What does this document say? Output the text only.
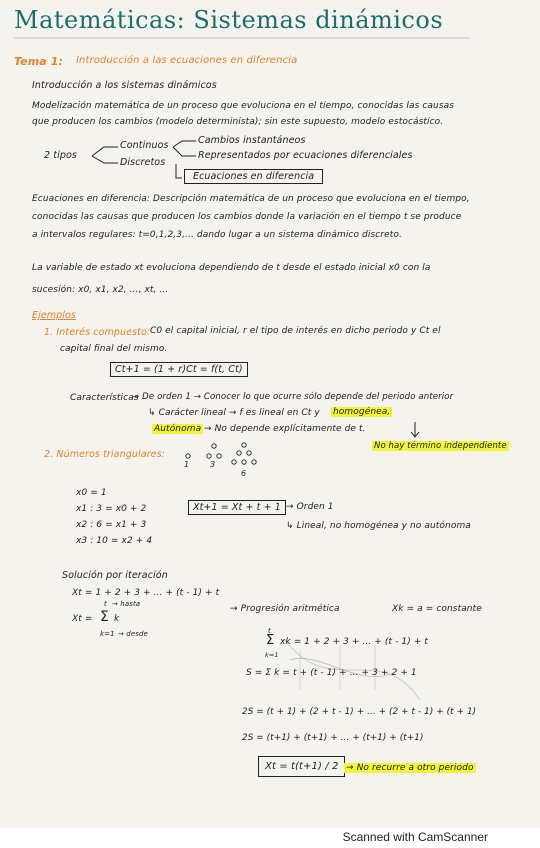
Matemáticas: Sistemas dinámicos
Tema 1: Introducción a las ecuaciones en diferencia
Introducción a los sistemas dinámicos
Modelización matemática de un proceso que evoluciona en el tiempo, conocidas las causas
que producen los cambios (modelo determinista); sin este supuesto, modelo estocástico.
2 tipos
Continuos
Discretos
Cambios instantáneos
Representados por ecuaciones diferenciales
Ecuaciones en diferencia
Ecuaciones en diferencia: Descripción matemática de un proceso que evoluciona en el tiempo,
conocidas las causas que producen los cambios donde la variación en el tiempo t se produce
a intervalos regulares: t=0,1,2,3,... dando lugar a un sistema dinámico discreto.
La variable de estado xt evoluciona dependiendo de t desde el estado inicial x0 con la
sucesión: x0, x1, x2, ..., xt, ...
Ejemplos
1. Interés compuesto: C0 el capital inicial, r el tipo de interés en dicho periodo y Ct el
capital final del mismo.
Ct+1 = (1 + r)Ct = f(t, Ct)
Características
→ De orden 1 → Conocer lo que ocurre sólo depende del periodo anterior
↳ Carácter lineal → f es lineal en Ct y homogénea,
Autónoma → No depende explícitamente de t.
No hay término independiente
2. Números triangulares:
1	3
6
x0 = 1
x1 : 3 = x0 + 2
x2 : 6 = x1 + 3
x3 : 10 = x2 + 4
Xt+1 = Xt + t + 1 → Orden 1
↳ Lineal, no homogénea y no autónoma
Solución por iteración
Xt = 1 + 2 + 3 + ... + (t - 1) + t
Xt =
t → hasta
Σ k
k=1 → desde
→ Progresión aritmética	Xk = a = constante
t
Σ xk = 1 + 2 + 3 + ... + (t - 1) + t
k=1
S = Σ k = t + (t - 1) + ... + 3 + 2 + 1
2S = (t + 1) + (2 + t - 1) + ... + (2 + t - 1) + (t + 1)
2S = (t+1) + (t+1) + ... + (t+1) + (t+1)
Xt = t(t+1) / 2 → No recurre a otro periodo
Scanned with CamScanner
